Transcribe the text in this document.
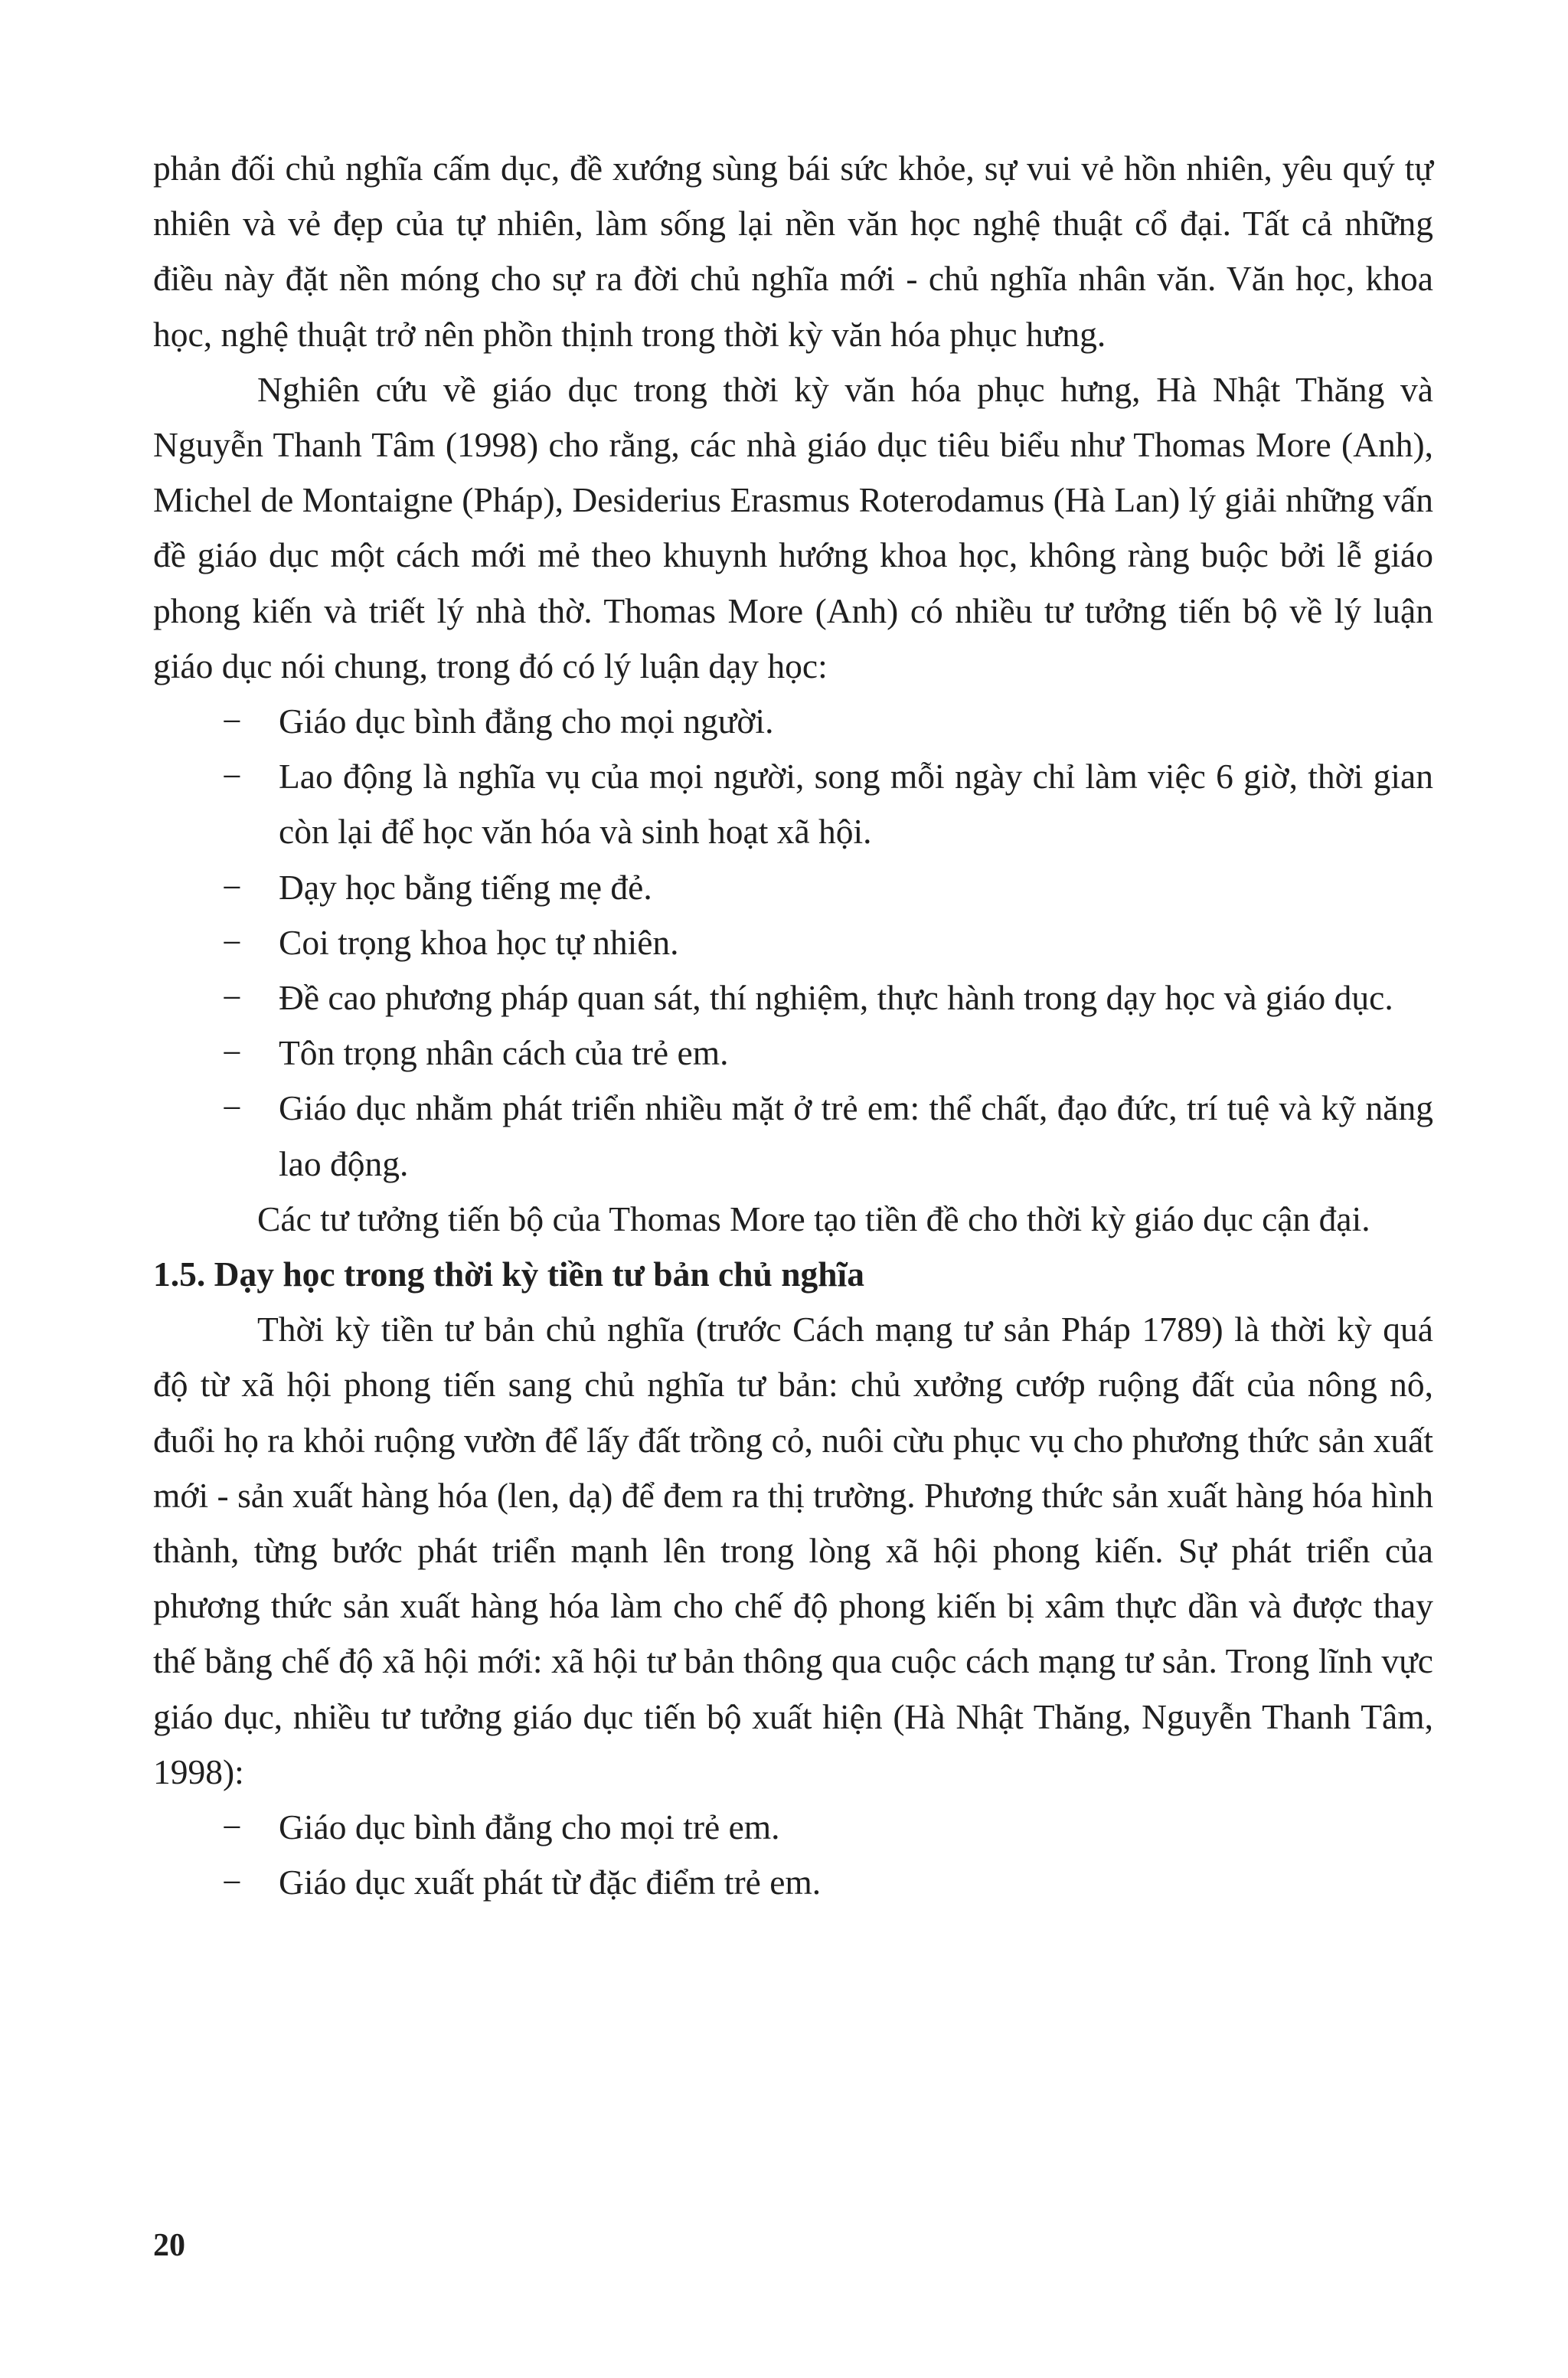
phản đối chủ nghĩa cấm dục, đề xướng sùng bái sức khỏe, sự vui vẻ hồn nhiên, yêu quý tự nhiên và vẻ đẹp của tự nhiên, làm sống lại nền văn học nghệ thuật cổ đại. Tất cả những điều này đặt nền móng cho sự ra đời chủ nghĩa mới - chủ nghĩa nhân văn. Văn học, khoa học, nghệ thuật trở nên phồn thịnh trong thời kỳ văn hóa phục hưng.

Nghiên cứu về giáo dục trong thời kỳ văn hóa phục hưng, Hà Nhật Thăng và Nguyễn Thanh Tâm (1998) cho rằng, các nhà giáo dục tiêu biểu như Thomas More (Anh), Michel de Montaigne (Pháp), Desiderius Erasmus Roterodamus (Hà Lan) lý giải những vấn đề giáo dục một cách mới mẻ theo khuynh hướng khoa học, không ràng buộc bởi lễ giáo phong kiến và triết lý nhà thờ. Thomas More (Anh) có nhiều tư tưởng tiến bộ về lý luận giáo dục nói chung, trong đó có lý luận dạy học:

− Giáo dục bình đẳng cho mọi người.
− Lao động là nghĩa vụ của mọi người, song mỗi ngày chỉ làm việc 6 giờ, thời gian còn lại để học văn hóa và sinh hoạt xã hội.
− Dạy học bằng tiếng mẹ đẻ.
− Coi trọng khoa học tự nhiên.
− Đề cao phương pháp quan sát, thí nghiệm, thực hành trong dạy học và giáo dục.
− Tôn trọng nhân cách của trẻ em.
− Giáo dục nhằm phát triển nhiều mặt ở trẻ em: thể chất, đạo đức, trí tuệ và kỹ năng lao động.

Các tư tưởng tiến bộ của Thomas More tạo tiền đề cho thời kỳ giáo dục cận đại.

1.5. Dạy học trong thời kỳ tiền tư bản chủ nghĩa

Thời kỳ tiền tư bản chủ nghĩa (trước Cách mạng tư sản Pháp 1789) là thời kỳ quá độ từ xã hội phong tiến sang chủ nghĩa tư bản: chủ xưởng cướp ruộng đất của nông nô, đuổi họ ra khỏi ruộng vườn để lấy đất trồng cỏ, nuôi cừu phục vụ cho phương thức sản xuất mới - sản xuất hàng hóa (len, dạ) để đem ra thị trường. Phương thức sản xuất hàng hóa hình thành, từng bước phát triển mạnh lên trong lòng xã hội phong kiến. Sự phát triển của phương thức sản xuất hàng hóa làm cho chế độ phong kiến bị xâm thực dần và được thay thế bằng chế độ xã hội mới: xã hội tư bản thông qua cuộc cách mạng tư sản. Trong lĩnh vực giáo dục, nhiều tư tưởng giáo dục tiến bộ xuất hiện (Hà Nhật Thăng, Nguyễn Thanh Tâm, 1998):

− Giáo dục bình đẳng cho mọi trẻ em.
− Giáo dục xuất phát từ đặc điểm trẻ em.
20
